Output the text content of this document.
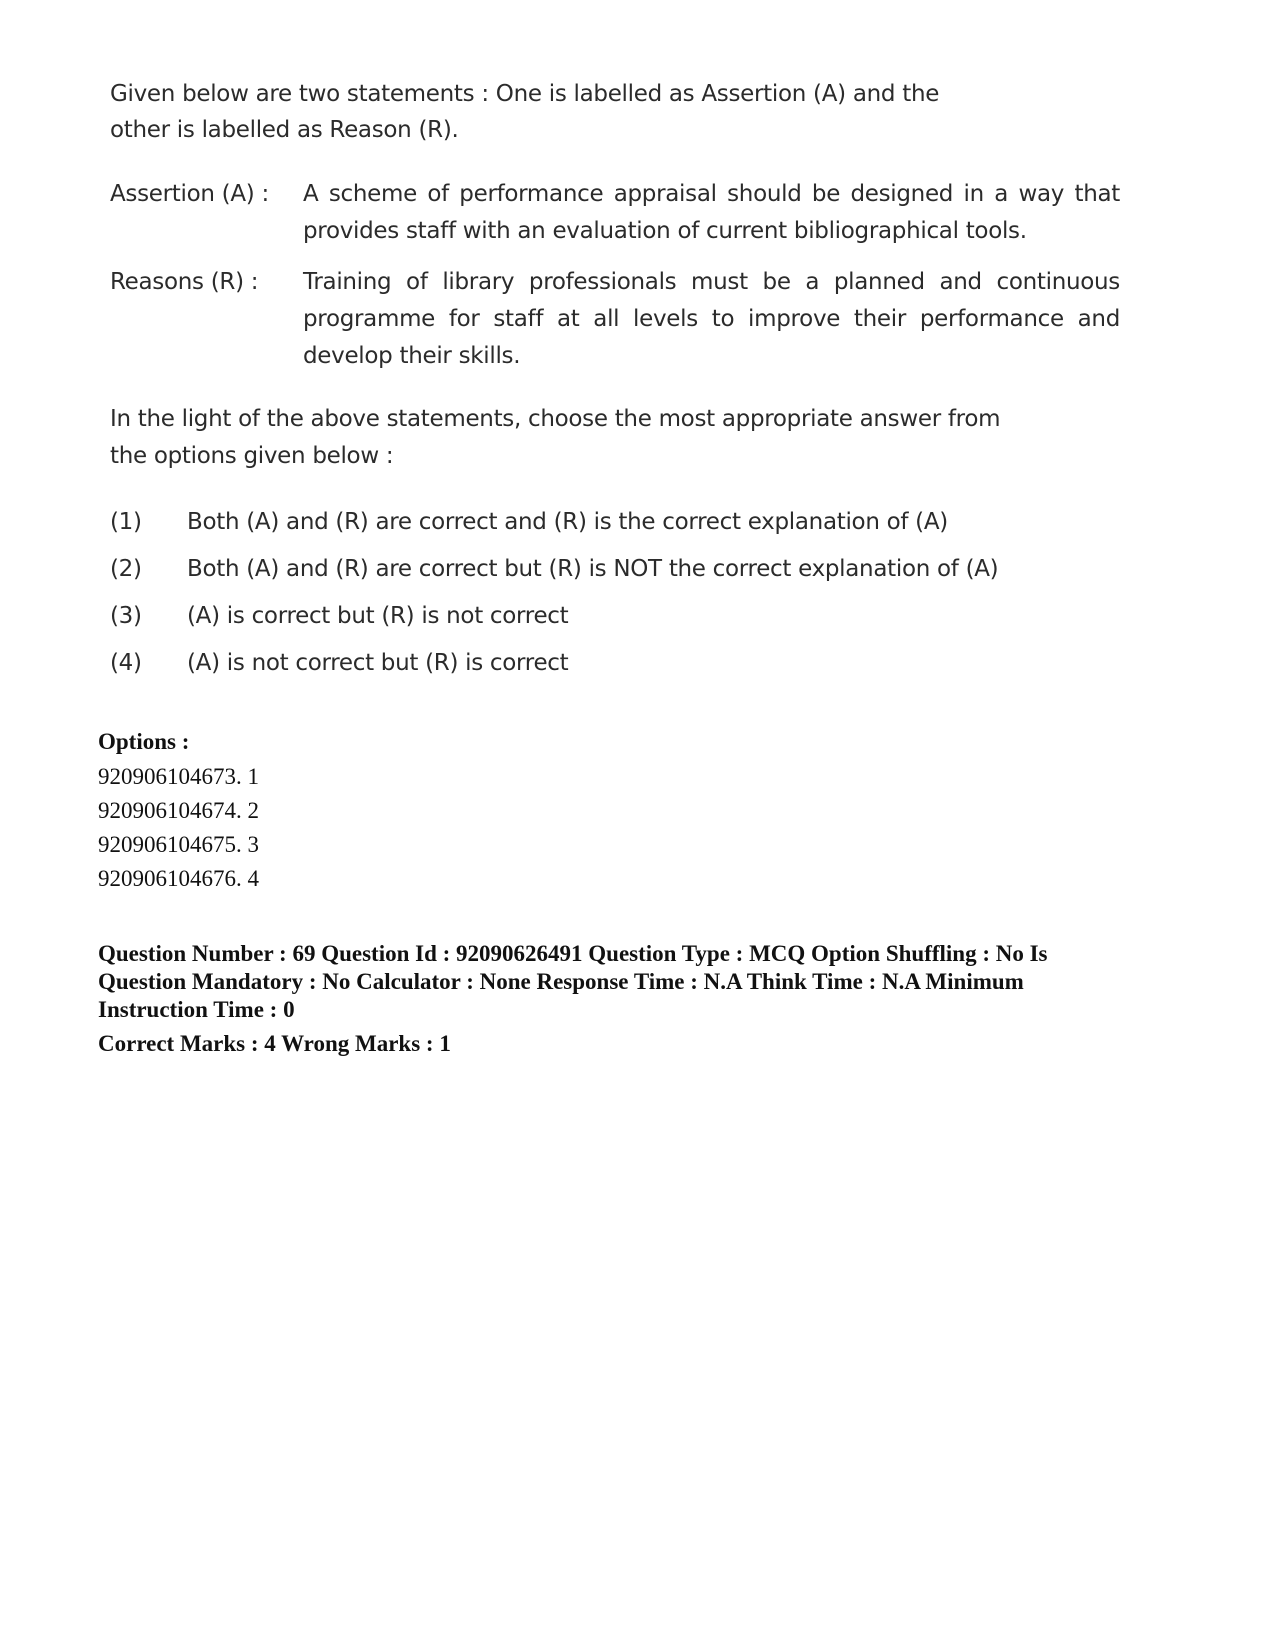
Given below are two statements : One is labelled as Assertion (A) and the other is labelled as Reason (R).

Assertion (A) :	A scheme of performance appraisal should be designed in a way that provides staff with an evaluation of current bibliographical tools.
Reasons (R) :	Training of library professionals must be a planned and continuous programme for staff at all levels to improve their performance and develop their skills.

In the light of the above statements, choose the most appropriate answer from the options given below :

(1)	Both (A) and (R) are correct and (R) is the correct explanation of (A)
(2)	Both (A) and (R) are correct but (R) is NOT the correct explanation of (A)
(3)	(A) is correct but (R) is not correct
(4)	(A) is not correct but (R) is correct
Options :
920906104673. 1
920906104674. 2
920906104675. 3
920906104676. 4
Question Number : 69 Question Id : 92090626491 Question Type : MCQ Option Shuffling : No Is
Question Mandatory : No Calculator : None Response Time : N.A Think Time : N.A Minimum
Instruction Time : 0
Correct Marks : 4 Wrong Marks : 1
